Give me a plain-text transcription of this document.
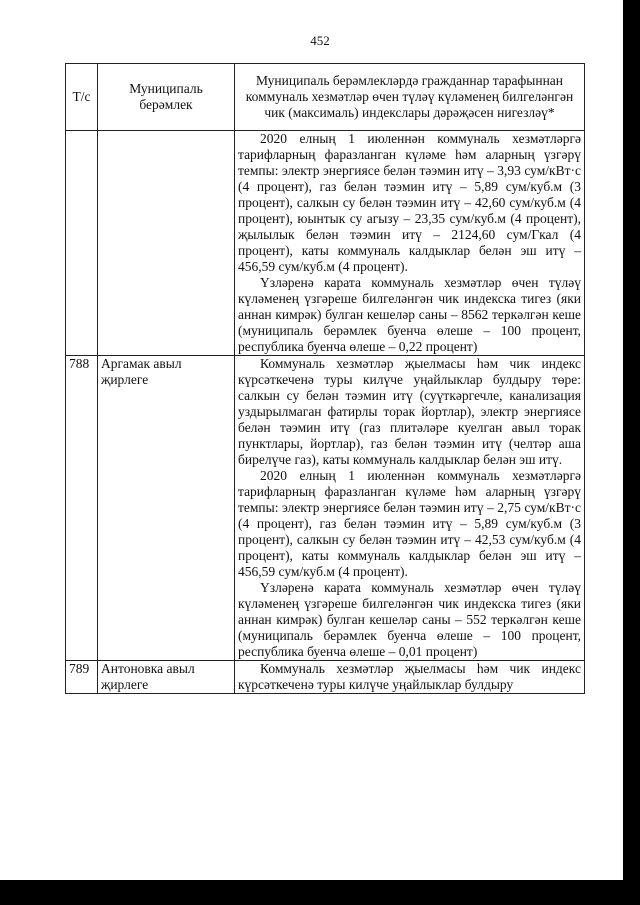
452
Т/с	Муниципаль берәмлек	Муниципаль берәмлекләрдә гражданнар тарафыннан коммуналь хезмәтләр өчен түләү күләменең билгеләнгән чик (максималь) индекслары дәрәҗәсен нигезләү*

		2020 елның 1 июленнән коммуналь хезмәтләргә тарифларның фаразланган күләме һәм аларның үзгәрү темпы: электр энергиясе белән тәэмин итү – 3,93 сум/кВт·с (4 процент), газ белән тәэмин итү – 5,89 сум/куб.м (3 процент), салкын су белән тәэмин итү – 42,60 сум/куб.м (4 процент), юынтык су агызу – 23,35 сум/куб.м (4 процент), җылылык белән тәэмин итү – 2124,60 сум/Гкал (4 процент), каты коммуналь калдыклар белән эш итү – 456,59 сум/куб.м (4 процент).

Үзләренә карата коммуналь хезмәтләр өчен түләү күләменең үзгәреше билгеләнгән чик индекска тигез (яки аннан кимрәк) булган кешеләр саны – 8562 теркәлгән кеше (муниципаль берәмлек буенча өлеше – 100 процент, республика буенча өлеше – 0,22 процент)

788	Аргамак авыл җирлеге	Коммуналь хезмәтләр җыелмасы һәм чик индекс күрсәткеченә туры килүче уңайлыклар булдыру төре: салкын су белән тәэмин итү (суүткәргечле, канализация уздырылмаган фатирлы торак йортлар), электр энергиясе белән тәэмин итү (газ плитәләре куелган авыл торак пунктлары, йортлар), газ белән тәэмин итү (челтәр аша бирелүче газ), каты коммуналь калдыклар белән эш итү.

2020 елның 1 июленнән коммуналь хезмәтләргә тарифларның фаразланган күләме һәм аларның үзгәрү темпы: электр энергиясе белән тәэмин итү – 2,75 сум/кВт·с (4 процент), газ белән тәэмин итү – 5,89 сум/куб.м (3 процент), салкын су белән тәэмин итү – 42,53 сум/куб.м (4 процент), каты коммуналь калдыклар белән эш итү – 456,59 сум/куб.м (4 процент).

Үзләренә карата коммуналь хезмәтләр өчен түләү күләменең үзгәреше билгеләнгән чик индекска тигез (яки аннан кимрәк) булган кешеләр саны – 552 теркәлгән кеше (муниципаль берәмлек буенча өлеше – 100 процент, республика буенча өлеше – 0,01 процент)

789	Антоновка авыл җирлеге	Коммуналь хезмәтләр җыелмасы һәм чик индекс күрсәткеченә туры килүче уңайлыклар булдыру
